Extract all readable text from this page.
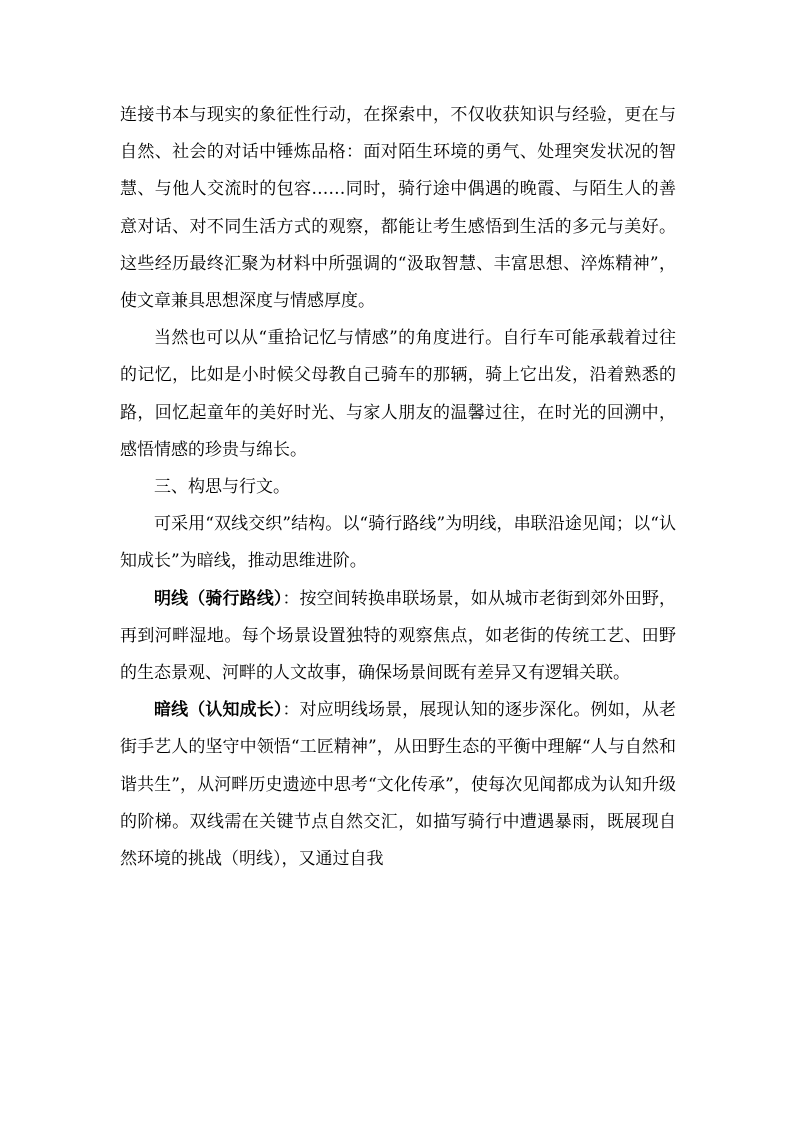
连接书本与现实的象征性行动，在探索中，不仅收获知识与经验，更在与自然、社会的对话中锤炼品格：面对陌生环境的勇气、处理突发状况的智慧、与他人交流时的包容……同时，骑行途中偶遇的晚霞、与陌生人的善意对话、对不同生活方式的观察，都能让考生感悟到生活的多元与美好。这些经历最终汇聚为材料中所强调的“汲取智慧、丰富思想、淬炼精神”，使文章兼具思想深度与情感厚度。

当然也可以从“重拾记忆与情感”的角度进行。自行车可能承载着过往的记忆，比如是小时候父母教自己骑车的那辆，骑上它出发，沿着熟悉的路，回忆起童年的美好时光、与家人朋友的温馨过往，在时光的回溯中，感悟情感的珍贵与绵长。

三、构思与行文。

可采用“双线交织”结构。以“骑行路线”为明线，串联沿途见闻；以“认知成长”为暗线，推动思维进阶。

明线（骑行路线）：按空间转换串联场景，如从城市老街到郊外田野，再到河畔湿地。每个场景设置独特的观察焦点，如老街的传统工艺、田野的生态景观、河畔的人文故事，确保场景间既有差异又有逻辑关联。

暗线（认知成长）：对应明线场景，展现认知的逐步深化。例如，从老街手艺人的坚守中领悟“工匠精神”，从田野生态的平衡中理解“人与自然和谐共生”，从河畔历史遗迹中思考“文化传承”，使每次见闻都成为认知升级的阶梯。双线需在关键节点自然交汇，如描写骑行中遭遇暴雨，既展现自然环境的挑战（明线），又通过自我
